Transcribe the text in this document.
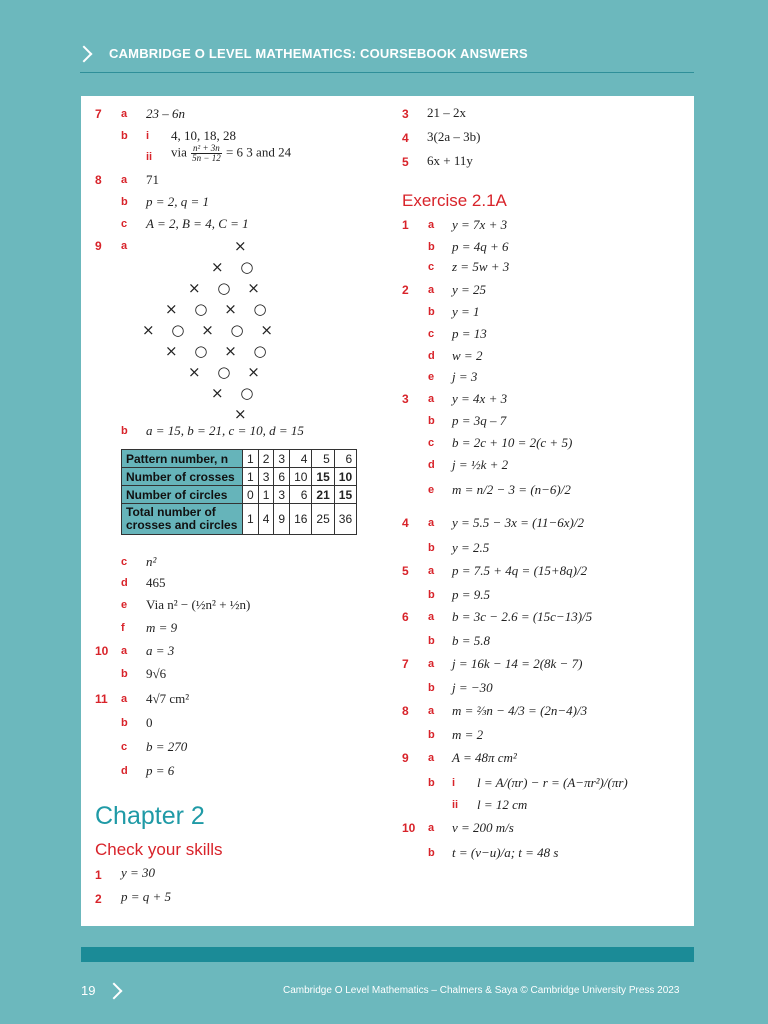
CAMBRIDGE O LEVEL MATHEMATICS: COURSEBOOK ANSWERS
7 a 23 – 6n
b i 4, 10, 18, 28
ii via $\frac{\text{n² + 3n}}{5n - 12} = 6$ 3 and 24
8 a 71
b p = 2, q = 1
c A = 2, B = 4, C = 1
9 a	×
× ○
× ○ ×
× ○ × ○
× ○ × ○ ×
× ○ × ○
× ○ ×
× ○
×
b a = 15, b = 21, c = 10, d = 15
Pattern number, n	1	2	3	4	5	6
Number of crosses	1	3	6	10	15	10
Number of circles	0	1	3	6	21	15
Total number of crosses and circles	1	4	9	16	25	36
c n²
d 465
e Via n² − (½n² + ½n)
f m = 9
10 a a = 3
b 9√6
11 a 4√7 cm²
b 0
c b = 270
d p = 6
Chapter 2
Check your skills
1 y = 30
2 p = q + 5
3 21 – 2x
4 3(2a – 3b)
5 6x + 11y
Exercise 2.1A
1 a y = 7x + 3
b p = 4q + 6
c z = 5w + 3
2 a y = 25
b y = 1
c p = 13
d w = 2
e j = 3
3 a y = 4x + 3
b p = 3q – 7
c b = 2c + 10 = 2(c + 5)
d j = ½k + 2
e m = n/2 − 3 = (n−6)/2
4 a y = 5.5 − 3x = (11−6x)/2
b y = 2.5
5 a p = 7.5 + 4q = (15+8q)/2
b p = 9.5
6 a b = 3c − 2.6 = (15c−13)/5
b b = 5.8
7 a j = 16k − 14 = 2(8k − 7)
b j = −30
8 a m = ⅔n − 4/3 = (2n−4)/3
b m = 2
9 a A = 48π cm²
b i l = A/(πr) − r = (A−πr²)/(πr)
ii l = 12 cm
10 a v = 200 m/s
b t = (v−u)/a; t = 48 s
19	Cambridge O Level Mathematics – Chalmers & Saya © Cambridge University Press 2023
